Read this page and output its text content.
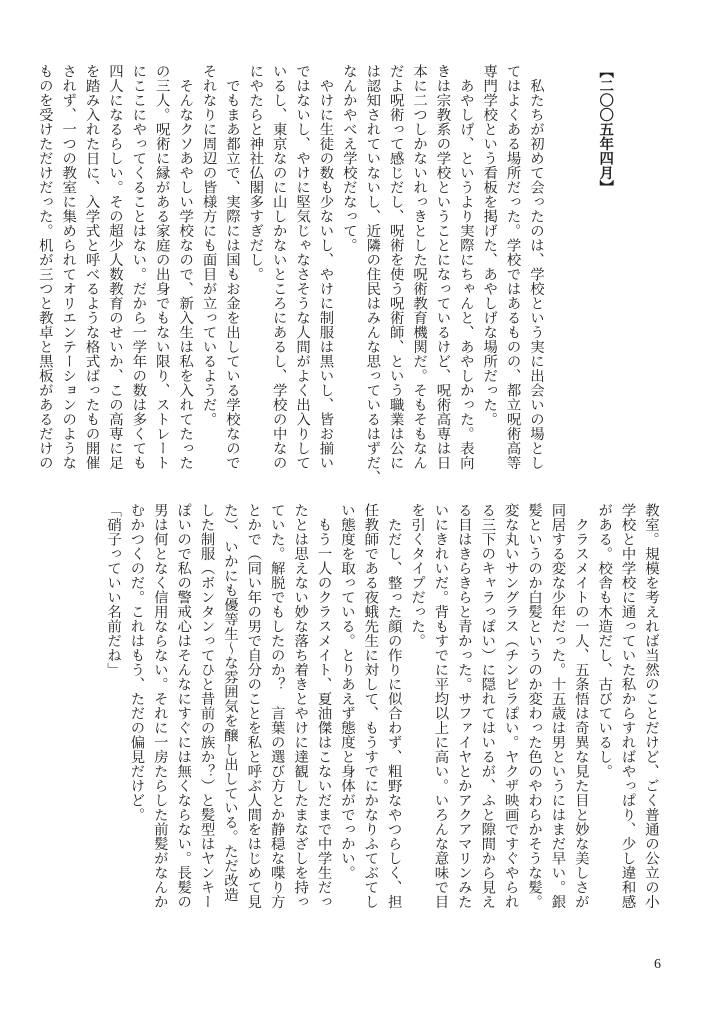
【二〇〇五年四月】

　私たちが初めて会ったのは、学校という実に出会いの場とし
てはよくある場所だった。学校ではあるものの、都立呪術高等
専門学校という看板を掲げた、あやしげな場所だった。
　あやしげ、というより実際にちゃんと、あやしかった。表向
きは宗教系の学校ということになっているけど、呪術高専は日
本に二つしかないれっきとした呪術教育機関だ。そもそもなん
だよ呪術って感じだし、呪術を使う呪術師、という職業は公に
は認知されていないし、近隣の住民はみんな思っているはずだ、
なんかやべえ学校だなって。
　やけに生徒の数も少ないし、やけに制服は黒いし、皆お揃い
ではないし、やけに堅気じゃなさそうな人間がよく出入りして
いるし、東京なのに山しかないところにあるし、学校の中なの
にやたらと神社仏閣多すぎだし。
　でもまあ都立で、実際には国もお金を出している学校なので
それなりに周辺の皆様方にも面目が立っているようだ。
　そんなクソあやしい学校なので、新入生は私を入れてたった
の三人。呪術に縁がある家庭の出身でもない限り、ストレート
にここにやってくることはない。だから一学年の数は多くても
四人になるらしい。その超少人数教育のせいか、この高専に足
を踏み入れた日に、入学式と呼べるような格式ばったもの開催
されず、一つの教室に集められてオリエンテーションのような
ものを受けただけだった。机が三つと教卓と黒板があるだけの
教室。規模を考えれば当然のことだけど、ごく普通の公立の小
学校と中学校に通っていた私からすればやっぱり、少し違和感
がある。校舎も木造だし、古びているし。
　クラスメイトの一人、五条悟は奇異な見た目と妙な美しさが
同居する変な少年だった。十五歳は男というにはまだ早い。銀
髪というのか白髪というのか変わった色のやわらかそうな髪。
変な丸いサングラス（チンピラぽい。ヤクザ映画ですぐやられ
る三下のキャラっぽい）に隠れてはいるが、ふと隙間から見え
る目はきらきらと青かった。サファイヤとかアクアマリンみた
いにきれいだ。背もすでに平均以上に高い。いろんな意味で目
を引くタイプだった。
　ただし、整った顔の作りに似合わず、粗野なやつらしく、担
任教師である夜蛾先生に対して、もうすでにかなりふてぶてし
い態度を取っている。とりあえず態度と身体がでっかい。
　もう一人のクラスメイト、夏油傑はこないだまで中学生だっ
たとは思えない妙な落ち着きとやけに達観したまなざしを持っ
ていた。解脱でもしたのか？　言葉の選び方とか静穏な喋り方
とかで（同い年の男で自分のことを私と呼ぶ人間をはじめて見
た）、いかにも優等生〜な雰囲気を醸し出している。ただ改造
した制服（ボンタンってひと昔前の族か？）と髪型はヤンキー
ぽいので私の警戒心はそんなにすぐには無くならない。長髪の
男は何となく信用ならない。それに一房たらした前髪がなんか
むかつくのだ。これはもう、ただの偏見だけど。
「硝子っていい名前だね」
6
